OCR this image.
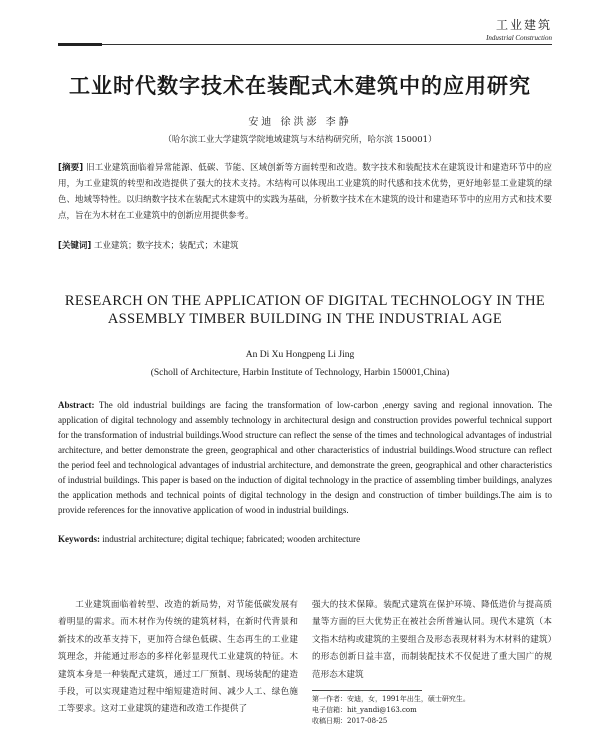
工业建筑
Industrial Construction
工业时代数字技术在装配式木建筑中的应用研究
安迪 徐洪澎 李静
（哈尔滨工业大学建筑学院地域建筑与木结构研究所，哈尔滨 150001）
[摘要] 旧工业建筑面临着异常能源、低碳、节能、区域创新等方面转型和改造。数字技术和装配技术在建筑设计和建造环节中的应用，为工业建筑的转型和改造提供了强大的技术支持。木结构可以体现出工业建筑的时代感和技术优势，更好地彰显工业建筑的绿色、地域等特性。以归纳数字技术在装配式木建筑中的实践为基础，分析数字技术在木建筑的设计和建造环节中的应用方式和技术要点，旨在为木材在工业建筑中的创新应用提供参考。
[关键词] 工业建筑；数字技术；装配式；木建筑
RESEARCH ON THE APPLICATION OF DIGITAL TECHNOLOGY IN THE ASSEMBLY TIMBER BUILDING IN THE INDUSTRIAL AGE
An Di Xu Hongpeng Li Jing
(Scholl of Architecture, Harbin Institute of Technology, Harbin 150001,China)
Abstract: The old industrial buildings are facing the transformation of low-carbon ,energy saving and regional innovation. The application of digital technology and assembly technology in architectural design and construction provides powerful technical support for the transformation of industrial buildings.Wood structure can reflect the sense of the times and technological advantages of industrial architecture, and better demonstrate the green, geographical and other characteristics of industrial buildings.Wood structure can reflect the period feel and technological advantages of industrial architecture, and demonstrate the green, geographical and other characteristics of industrial buildings. This paper is based on the induction of digital technology in the practice of assembling timber buildings, analyzes the application methods and technical points of digital technology in the design and construction of timber buildings.The aim is to provide references for the innovative application of wood in industrial buildings.
Keywords: industrial architecture; digital techique; fabricated; wooden architecture
工业建筑面临着转型、改造的新局势，对节能低碳发展有着明显的需求。而木材作为传统的建筑材料，在新时代背景和新技术的改革支持下，更加符合绿色低碳、生态再生的工业建筑理念，并能通过形态的多样化彰显现代工业建筑的特征。木建筑本身是一种装配式建筑，通过工厂预制、现场装配的建造手段，可以实现建造过程中缩短建造时间、减少人工、绿色施工等要求。这对工业建筑的建造和改造工作提供了
强大的技术保障。装配式建筑在保护环境、降低造价与提高质量等方面的巨大优势正在被社会所普遍认同。现代木建筑（本文指木结构或建筑的主要组合及形态表现材料为木材料的建筑）的形态创新日益丰富，而制装配技术不仅促进了重大国广的规范形态木建筑
第一作者：安迪，女，1991年出生，硕士研究生。
电子信箱：hit_yandi@163.com
收稿日期：2017-08-25
